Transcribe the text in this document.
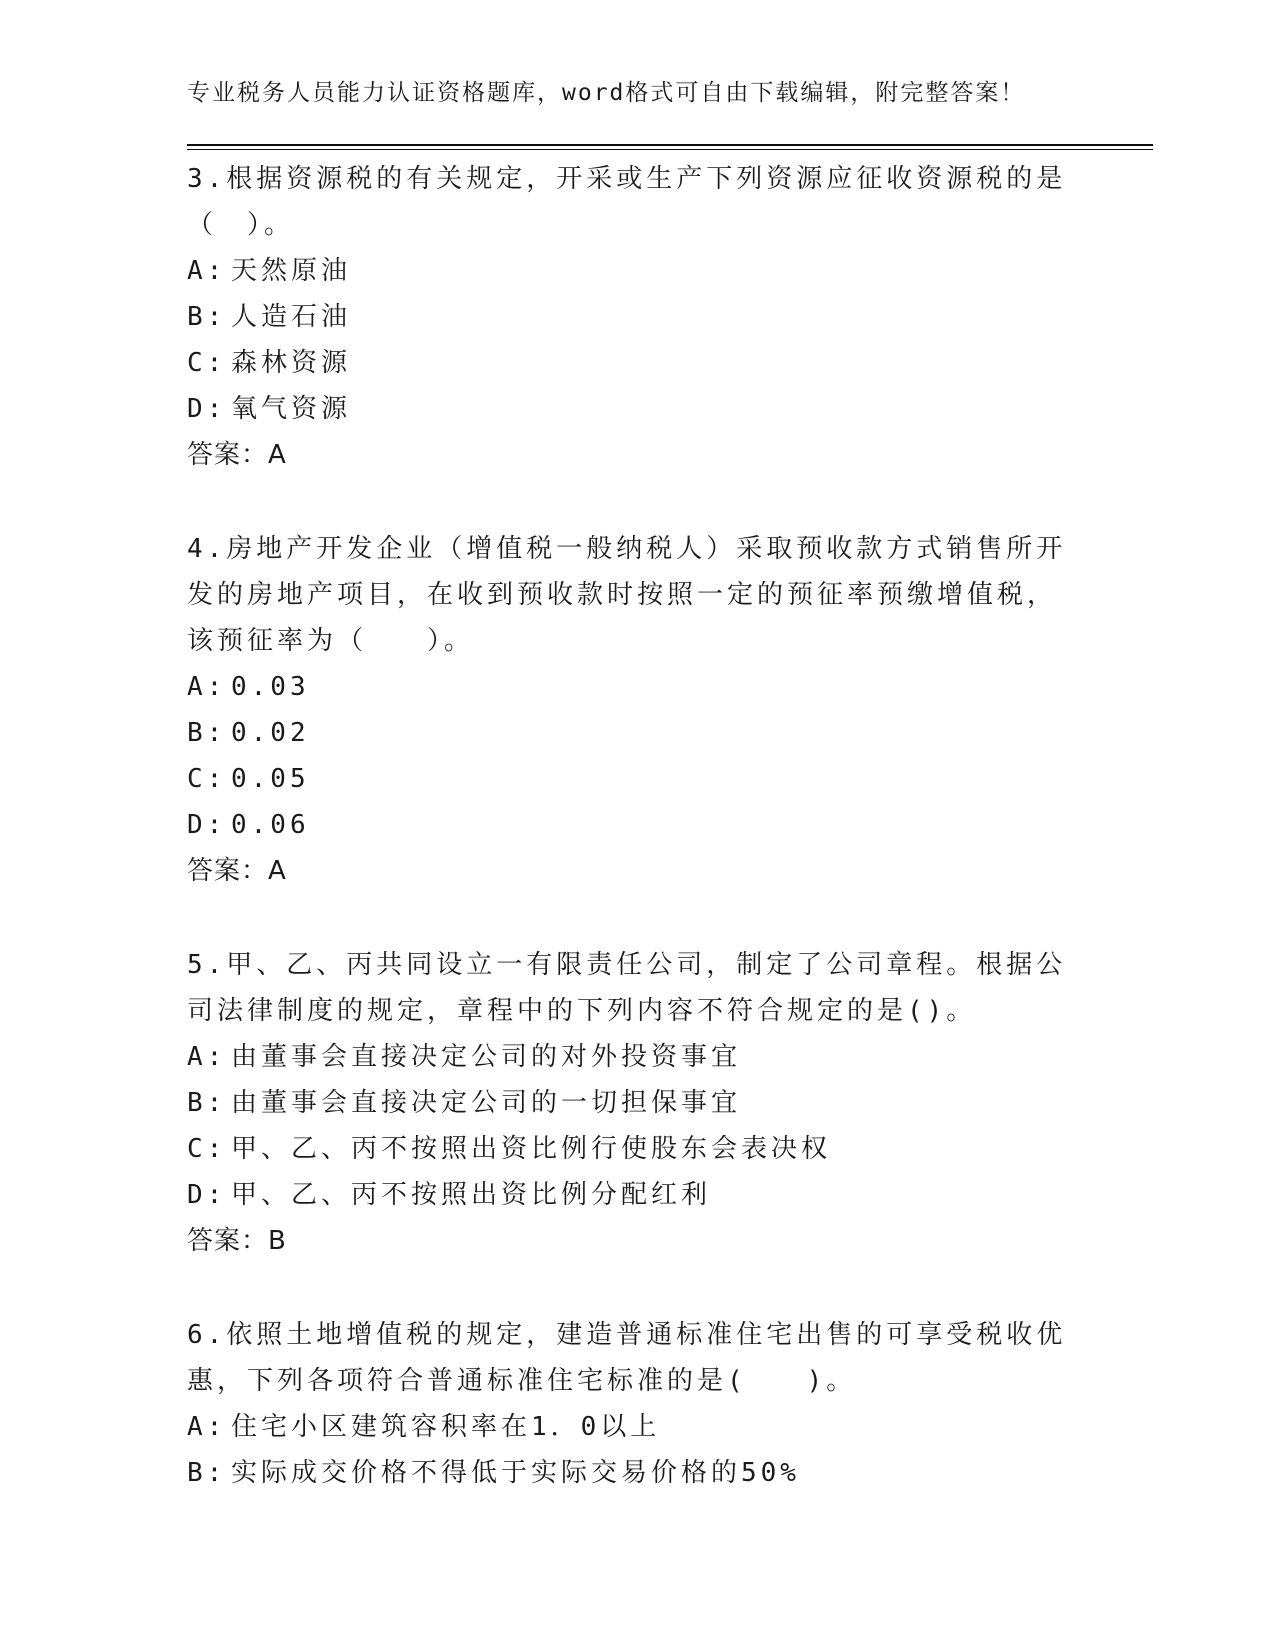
专业税务人员能力认证资格题库，word格式可自由下载编辑，附完整答案！

3.根据资源税的有关规定，开采或生产下列资源应征收资源税的是（　）。

A: 天然原油

B: 人造石油

C: 森林资源

D: 氧气资源

答案：A

4.房地产开发企业（增值税一般纳税人）采取预收款方式销售所开发的房地产项目，在收到预收款时按照一定的预征率预缴增值税，该预征率为（　　）。

A: 0.03

B: 0.02

C: 0.05

D: 0.06

答案：A

5.甲、乙、丙共同设立一有限责任公司，制定了公司章程。根据公司法律制度的规定，章程中的下列内容不符合规定的是()。

A: 由董事会直接决定公司的对外投资事宜

B: 由董事会直接决定公司的一切担保事宜

C: 甲、乙、丙不按照出资比例行使股东会表决权

D: 甲、乙、丙不按照出资比例分配红利

答案：B

6.依照土地增值税的规定，建造普通标准住宅出售的可享受税收优惠，下列各项符合普通标准住宅标准的是(　　)。

A: 住宅小区建筑容积率在1．0以上

B: 实际成交价格不得低于实际交易价格的50%
